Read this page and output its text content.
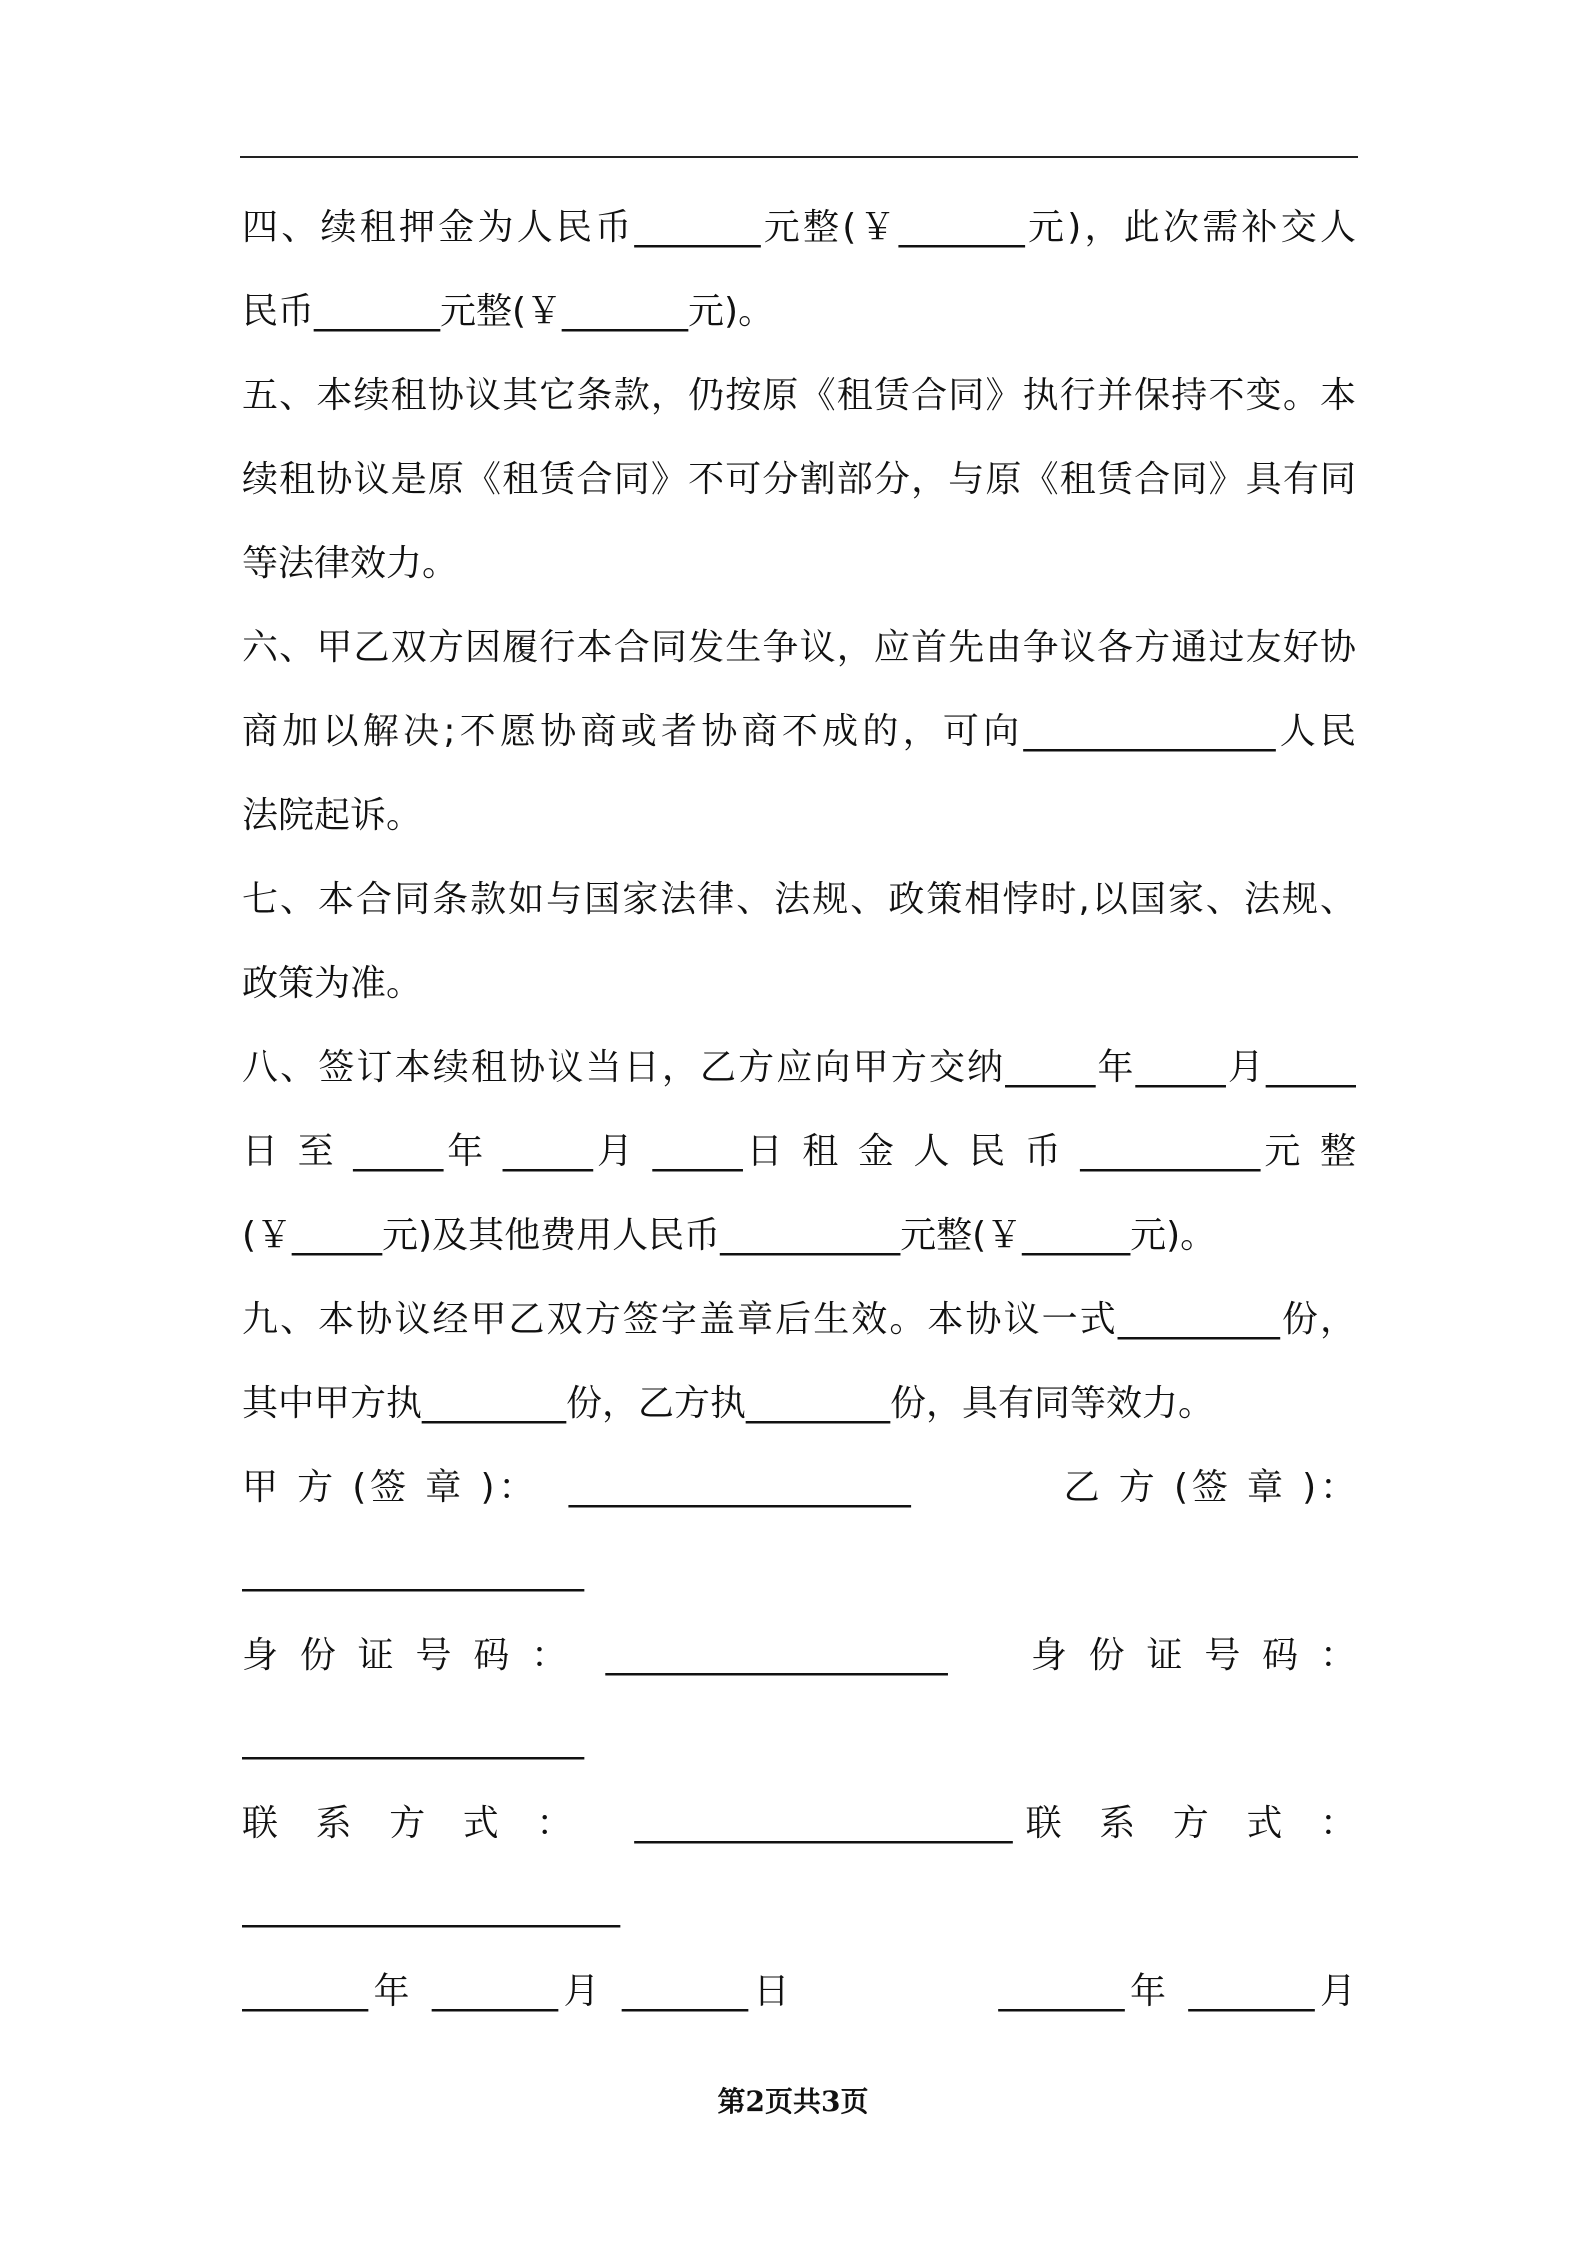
四、续租押金为人民币_______元整(￥_______元)，此次需补交人
民币_______元整(￥_______元)。
五、本续租协议其它条款，仍按原《租赁合同》执行并保持不变。本
续租协议是原《租赁合同》不可分割部分，与原《租赁合同》具有同
等法律效力。
六、甲乙双方因履行本合同发生争议，应首先由争议各方通过友好协
商加以解决;不愿协商或者协商不成的，可向______________人民
法院起诉。
七、本合同条款如与国家法律、法规、政策相悖时,以国家、法规、
政策为准。
八、签订本续租协议当日，乙方应向甲方交纳_____年_____月_____
日 至 _____年 _____月 _____日 租 金 人 民 币 __________元 整
(￥_____元)及其他费用人民币__________元整(￥______元)。
九、本协议经甲乙双方签字盖章后生效。本协议一式_________份，
其中甲方执________份，乙方执________份，具有同等效力。
甲 方 (签 章 )：  ___________________          乙 方 (签 章 )：
___________________
身 份 证 号 码 ：  ___________________     身 份 证 号 码 ：
___________________
联 系 方 式 ：  _____________________联 系 方 式 ：
_____________________
_______年 _______月 _______日            _______年 _______月
第2页共3页
